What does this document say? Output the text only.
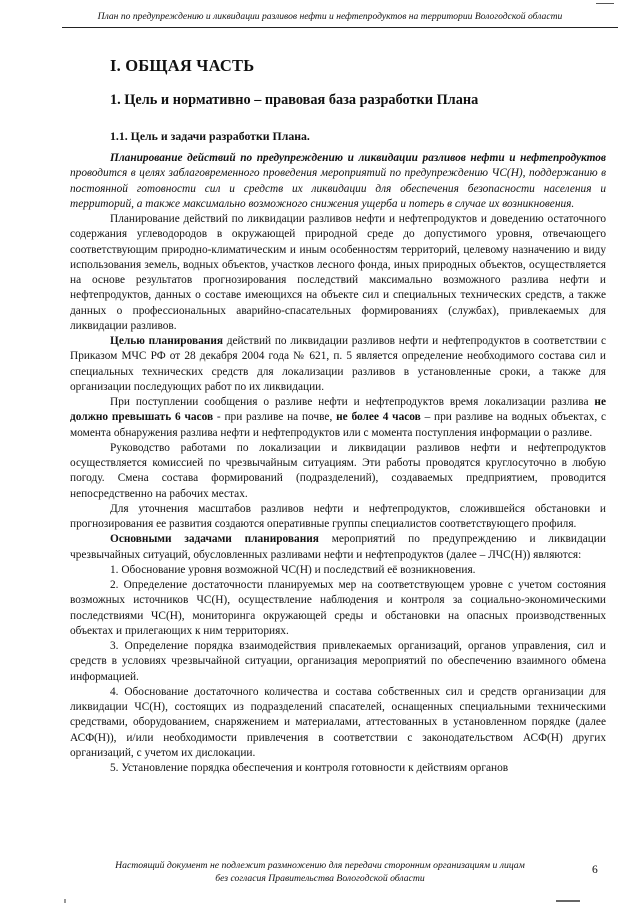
План по предупреждению и ликвидации разливов нефти и нефтепродуктов на территории Вологодской области
I. ОБЩАЯ ЧАСТЬ
1. Цель и нормативно – правовая база разработки Плана
1.1. Цель и задачи разработки Плана.

Планирование действий по предупреждению и ликвидации разливов нефти и нефтепродуктов проводится в целях заблаговременного проведения мероприятий по предупреждению ЧС(Н), поддержанию в постоянной готовности сил и средств их ликвидации для обеспечения безопасности населения и территорий, а также максимально возможного снижения ущерба и потерь в случае их возникновения.

Планирование действий по ликвидации разливов нефти и нефтепродуктов и доведению остаточного содержания углеводородов в окружающей природной среде до допустимого уровня, отвечающего соответствующим природно-климатическим и иным особенностям территорий, целевому назначению и виду использования земель, водных объектов, участков лесного фонда, иных природных объектов, осуществляется на основе результатов прогнозирования последствий максимально возможного разлива нефти и нефтепродуктов, данных о составе имеющихся на объекте сил и специальных технических средств, а также данных о профессиональных аварийно-спасательных формированиях (службах), привлекаемых для ликвидации разливов.

Целью планирования действий по ликвидации разливов нефти и нефтепродуктов в соответствии с Приказом МЧС РФ от 28 декабря 2004 года № 621, п. 5 является определение необходимого состава сил и специальных технических средств для локализации разливов в установленные сроки, а также для организации последующих работ по их ликвидации.

При поступлении сообщения о разливе нефти и нефтепродуктов время локализации разлива не должно превышать 6 часов - при разливе на почве, не более 4 часов – при разливе на водных объектах, с момента обнаружения разлива нефти и нефтепродуктов или с момента поступления информации о разливе.

Руководство работами по локализации и ликвидации разливов нефти и нефтепродуктов осуществляется комиссией по чрезвычайным ситуациям. Эти работы проводятся круглосуточно в любую погоду. Смена состава формирований (подразделений), создаваемых предприятием, проводится непосредственно на рабочих местах.

Для уточнения масштабов разливов нефти и нефтепродуктов, сложившейся обстановки и прогнозирования ее развития создаются оперативные группы специалистов соответствующего профиля.

Основными задачами планирования мероприятий по предупреждению и ликвидации чрезвычайных ситуаций, обусловленных разливами нефти и нефтепродуктов (далее – ЛЧС(Н)) являются:

1. Обоснование уровня возможной ЧС(Н) и последствий её возникновения.

2. Определение достаточности планируемых мер на соответствующем уровне с учетом состояния возможных источников ЧС(Н), осуществление наблюдения и контроля за социально-экономическими последствиями ЧС(Н), мониторинга окружающей среды и обстановки на опасных производственных объектах и прилегающих к ним территориях.

3. Определение порядка взаимодействия привлекаемых организаций, органов управления, сил и средств в условиях чрезвычайной ситуации, организация мероприятий по обеспечению взаимного обмена информацией.

4. Обоснование достаточного количества и состава собственных сил и средств организации для ликвидации ЧС(Н), состоящих из подразделений спасателей, оснащенных специальными техническими средствами, оборудованием, снаряжением и материалами, аттестованных в установленном порядке (далее АСФ(Н)), и/или необходимости привлечения в соответствии с законодательством АСФ(Н) других организаций, с учетом их дислокации.

5. Установление порядка обеспечения и контроля готовности к действиям органов

Настоящий документ не подлежит размножению для передачи сторонним организациям и лицам
без согласия Правительства Вологодской области
6
